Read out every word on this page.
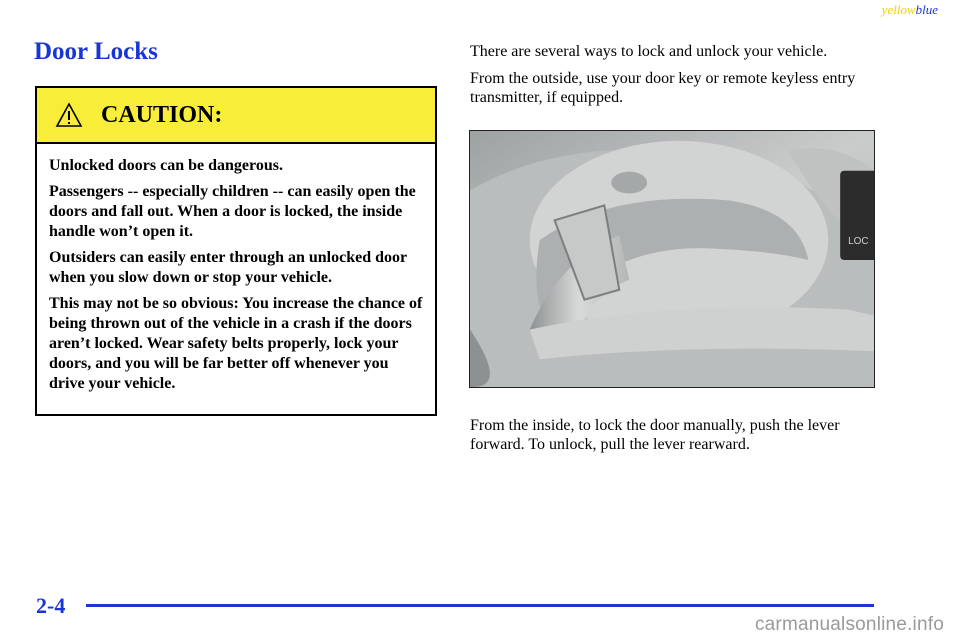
yellowblue
Door Locks
CAUTION:

Unlocked doors can be dangerous.

Passengers -- especially children -- can easily open the doors and fall out. When a door is locked, the inside handle won’t open it.

Outsiders can easily enter through an unlocked door when you slow down or stop your vehicle.

This may not be so obvious: You increase the chance of being thrown out of the vehicle in a crash if the doors aren’t locked. Wear safety belts properly, lock your doors, and you will be far better off whenever you drive your vehicle.

There are several ways to lock and unlock your vehicle.

From the outside, use your door key or remote keyless entry transmitter, if equipped.

LOC

From the inside, to lock the door manually, push the lever forward. To unlock, pull the lever rearward.

2-4
carmanualsonline.info
